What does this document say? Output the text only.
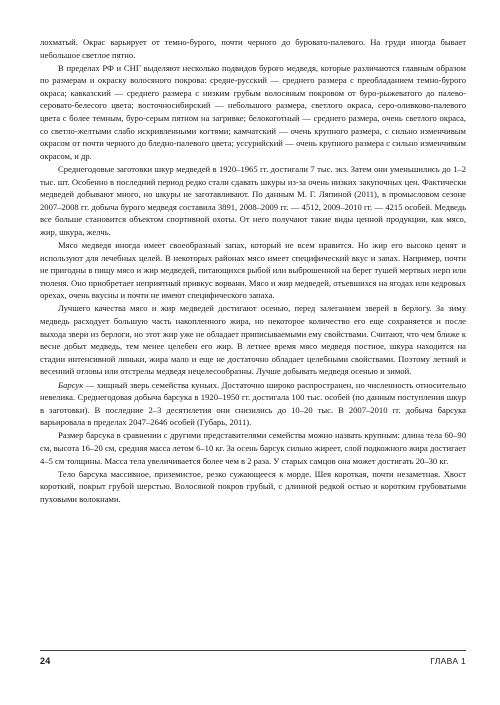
лохматый. Окрас варьирует от темно-бурого, почти черного до буровато-палевого. На груди иногда бывает небольшое светлое пятно.

В пределах РФ и СНГ выделяют несколько подвидов бурого медведя, которые различаются главным образом по размерам и окраску волосяного покрова: средне-русский — среднего размера с преобладанием темно-бурого окраса; кавказский — среднего размера с низким грубым волосяным покровом от буро-рыжеватого до палево-серовато-белесого цвета; восточносибирский — небольшого размера, светлого окраса, серо-оливково-палевого цвета с более темным, буро-серым пятном на загривке; белокоготный — среднего размера, очень светлого окраса, со светло-желтыми слабо искривленными когтями; камчатский — очень крупного размера, с сильно изменчивым окрасом от почти черного до бледно-палевого цвета; уссурийский — очень крупного размера с сильно изменчивым окрасом, и др.

Среднегодовые заготовки шкур медведей в 1920–1965 гг. достигали 7 тыс. экз. Затем они уменьшились до 1–2 тыс. шт. Особенно в последний период редко стали сдавать шкуры из-за очень низких закупочных цен. Фактически медведей добывают много, но шкуры не заготавливают. По данным М. Г. Ляпиной (2011), в промысловом сезоне 2007–2008 гг. добыча бурого медведя составила 3891, 2008–2009 гг. — 4512, 2009–2010 гг. — 4215 особей. Медведь все больше становится объектом спортивной охоты. От него получают такие виды ценной продукции, как мясо, жир, шкура, желчь.

Мясо медведя иногда имеет своеобразный запах, который не всем нравится. Но жир его высоко ценят и используют для лечебных целей. В некоторых районах мясо имеет специфический вкус и запах. Например, почти не пригодны в пищу мясо и жир медведей, питающихся рыбой или выброшенной на берег тушей мертвых нерп или тюленя. Оно приобретает неприятный привкус ворвани. Мясо и жир медведей, отъевшихся на ягодах или кедровых орехах, очень вкусны и почти не имеют специфического запаха.

Лучшего качества мясо и жир медведей достигают осенью, перед залеганием зверей в берлогу. За зиму медведь расходует большую часть накопленного жира, но некоторое количество его еще сохраняется и после выхода звери из берлоги, но этот жир уже не обладает приписываемыми ему свойствами. Считают, что чем ближе к весне добыт медведь, тем менее целебен его жир. В летнее время мясо медведя постное, шкура находится на стадии интенсивной линьки, жира мало и еще не достаточно обладает целебными свойствами. Поэтому летний и весенний отловы или отстрелы медведя нецелесообразны. Лучше добывать медведя осенью и зимой.

Барсук — хищный зверь семейства куньих. Достаточно широко распространен, но численность относительно невелика. Среднегодовая добыча барсука в 1920–1950 гг. достигала 100 тыс. особей (по данным поступления шкур в заготовки). В последние 2–3 десятилетия они снизились до 10–20 тыс. В 2007–2010 гг. добыча барсука варьировала в пределах 2047–2646 особей (Губарь, 2011).

Размер барсука в сравнении с другими представителями семейства можно назвать крупным: длина тела 60–90 см, высота 16–20 см, средняя масса летом 6–10 кг. За осень барсук сильно жиреет, слой подкожного жира достигает 4–5 см толщины. Масса тела увеличивается более чем в 2 раза. У старых самцов она может достигать 20–30 кг.

Тело барсука массивное, приземистое, резко сужающееся к морде. Шея короткая, почти незаметная. Хвост короткий, покрыт грубой шерстью. Волосяной покров грубый, с длинной редкой остью и коротким грубоватыми пуховыми волокнами.

24	ГЛАВА 1
